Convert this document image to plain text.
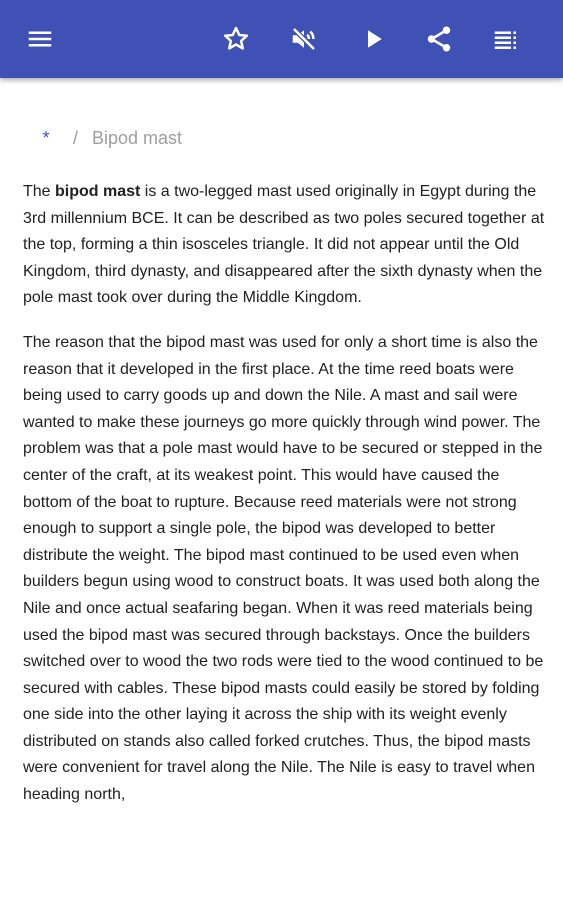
* / Bipod mast

The bipod mast is a two-legged mast used originally in Egypt during the 3rd millennium BCE. It can be described as two poles secured together at the top, forming a thin isosceles triangle. It did not appear until the Old Kingdom, third dynasty, and disappeared after the sixth dynasty when the pole mast took over during the Middle Kingdom.

The reason that the bipod mast was used for only a short time is also the reason that it developed in the first place. At the time reed boats were being used to carry goods up and down the Nile. A mast and sail were wanted to make these journeys go more quickly through wind power. The problem was that a pole mast would have to be secured or stepped in the center of the craft, at its weakest point. This would have caused the bottom of the boat to rupture. Because reed materials were not strong enough to support a single pole, the bipod was developed to better distribute the weight. The bipod mast continued to be used even when builders begun using wood to construct boats. It was used both along the Nile and once actual seafaring began. When it was reed materials being used the bipod mast was secured through backstays. Once the builders switched over to wood the two rods were tied to the wood continued to be secured with cables. These bipod masts could easily be stored by folding one side into the other laying it across the ship with its weight evenly distributed on stands also called forked crutches. Thus, the bipod masts were convenient for travel along the Nile. The Nile is easy to travel when heading north,
